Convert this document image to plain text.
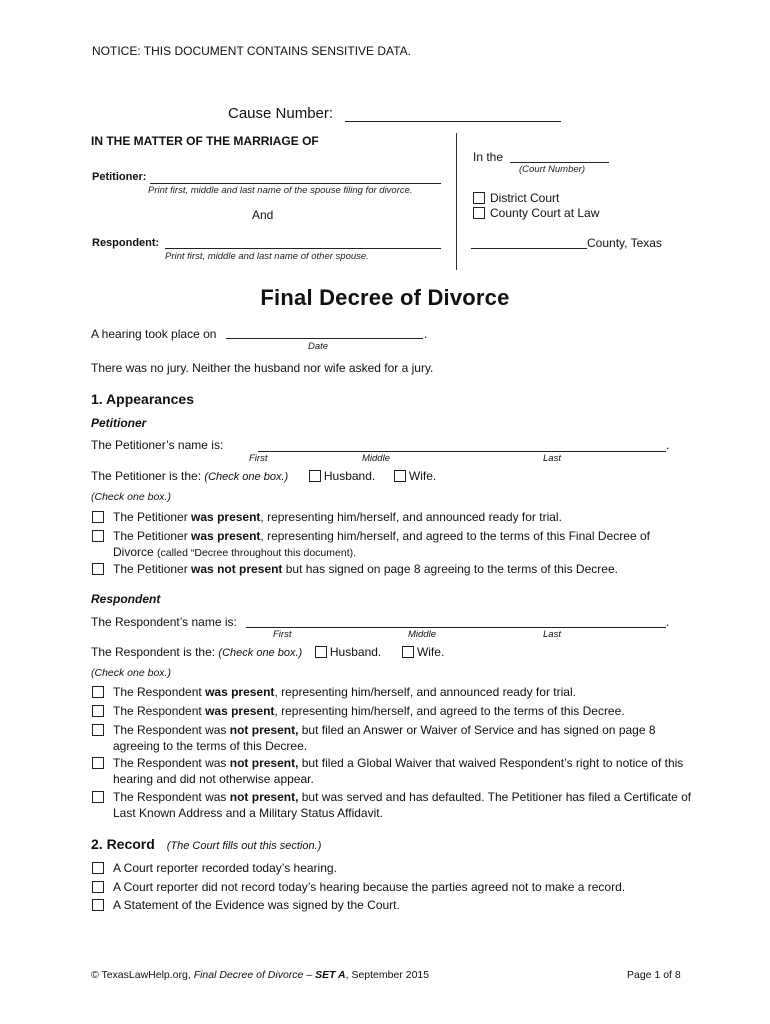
NOTICE: THIS DOCUMENT CONTAINS SENSITIVE DATA.
Cause Number:
IN THE MATTER OF THE MARRIAGE OF
In the
(Court Number)
Petitioner:
Print first, middle and last name of the spouse filing for divorce.
District Court
County Court at Law
And
Respondent:
Print first, middle and last name of other spouse.
County, Texas
Final Decree of Divorce
A hearing took place on	.
Date
There was no jury. Neither the husband nor wife asked for a jury.
1. Appearances
Petitioner
The Petitioner’s name is:	.
First	Middle	Last
The Petitioner is the: (Check one box.)	Husband.	Wife.
(Check one box.)
The Petitioner was present, representing him/herself, and announced ready for trial.
The Petitioner was present, representing him/herself, and agreed to the terms of this Final Decree of Divorce (called “Decree throughout this document).
The Petitioner was not present but has signed on page 8 agreeing to the terms of this Decree.
Respondent
The Respondent’s name is:	.
First	Middle	Last
The Respondent is the: (Check one box.) Husband.	Wife.
(Check one box.)
The Respondent was present, representing him/herself, and announced ready for trial.
The Respondent was present, representing him/herself, and agreed to the terms of this Decree.
The Respondent was not present, but filed an Answer or Waiver of Service and has signed on page 8 agreeing to the terms of this Decree.
The Respondent was not present, but filed a Global Waiver that waived Respondent’s right to notice of this hearing and did not otherwise appear.
The Respondent was not present, but was served and has defaulted. The Petitioner has filed a Certificate of Last Known Address and a Military Status Affidavit.
2. Record (The Court fills out this section.)
A Court reporter recorded today’s hearing.
A Court reporter did not record today’s hearing because the parties agreed not to make a record.
A Statement of the Evidence was signed by the Court.
© TexasLawHelp.org, Final Decree of Divorce – SET A, September 2015	Page 1 of 8
